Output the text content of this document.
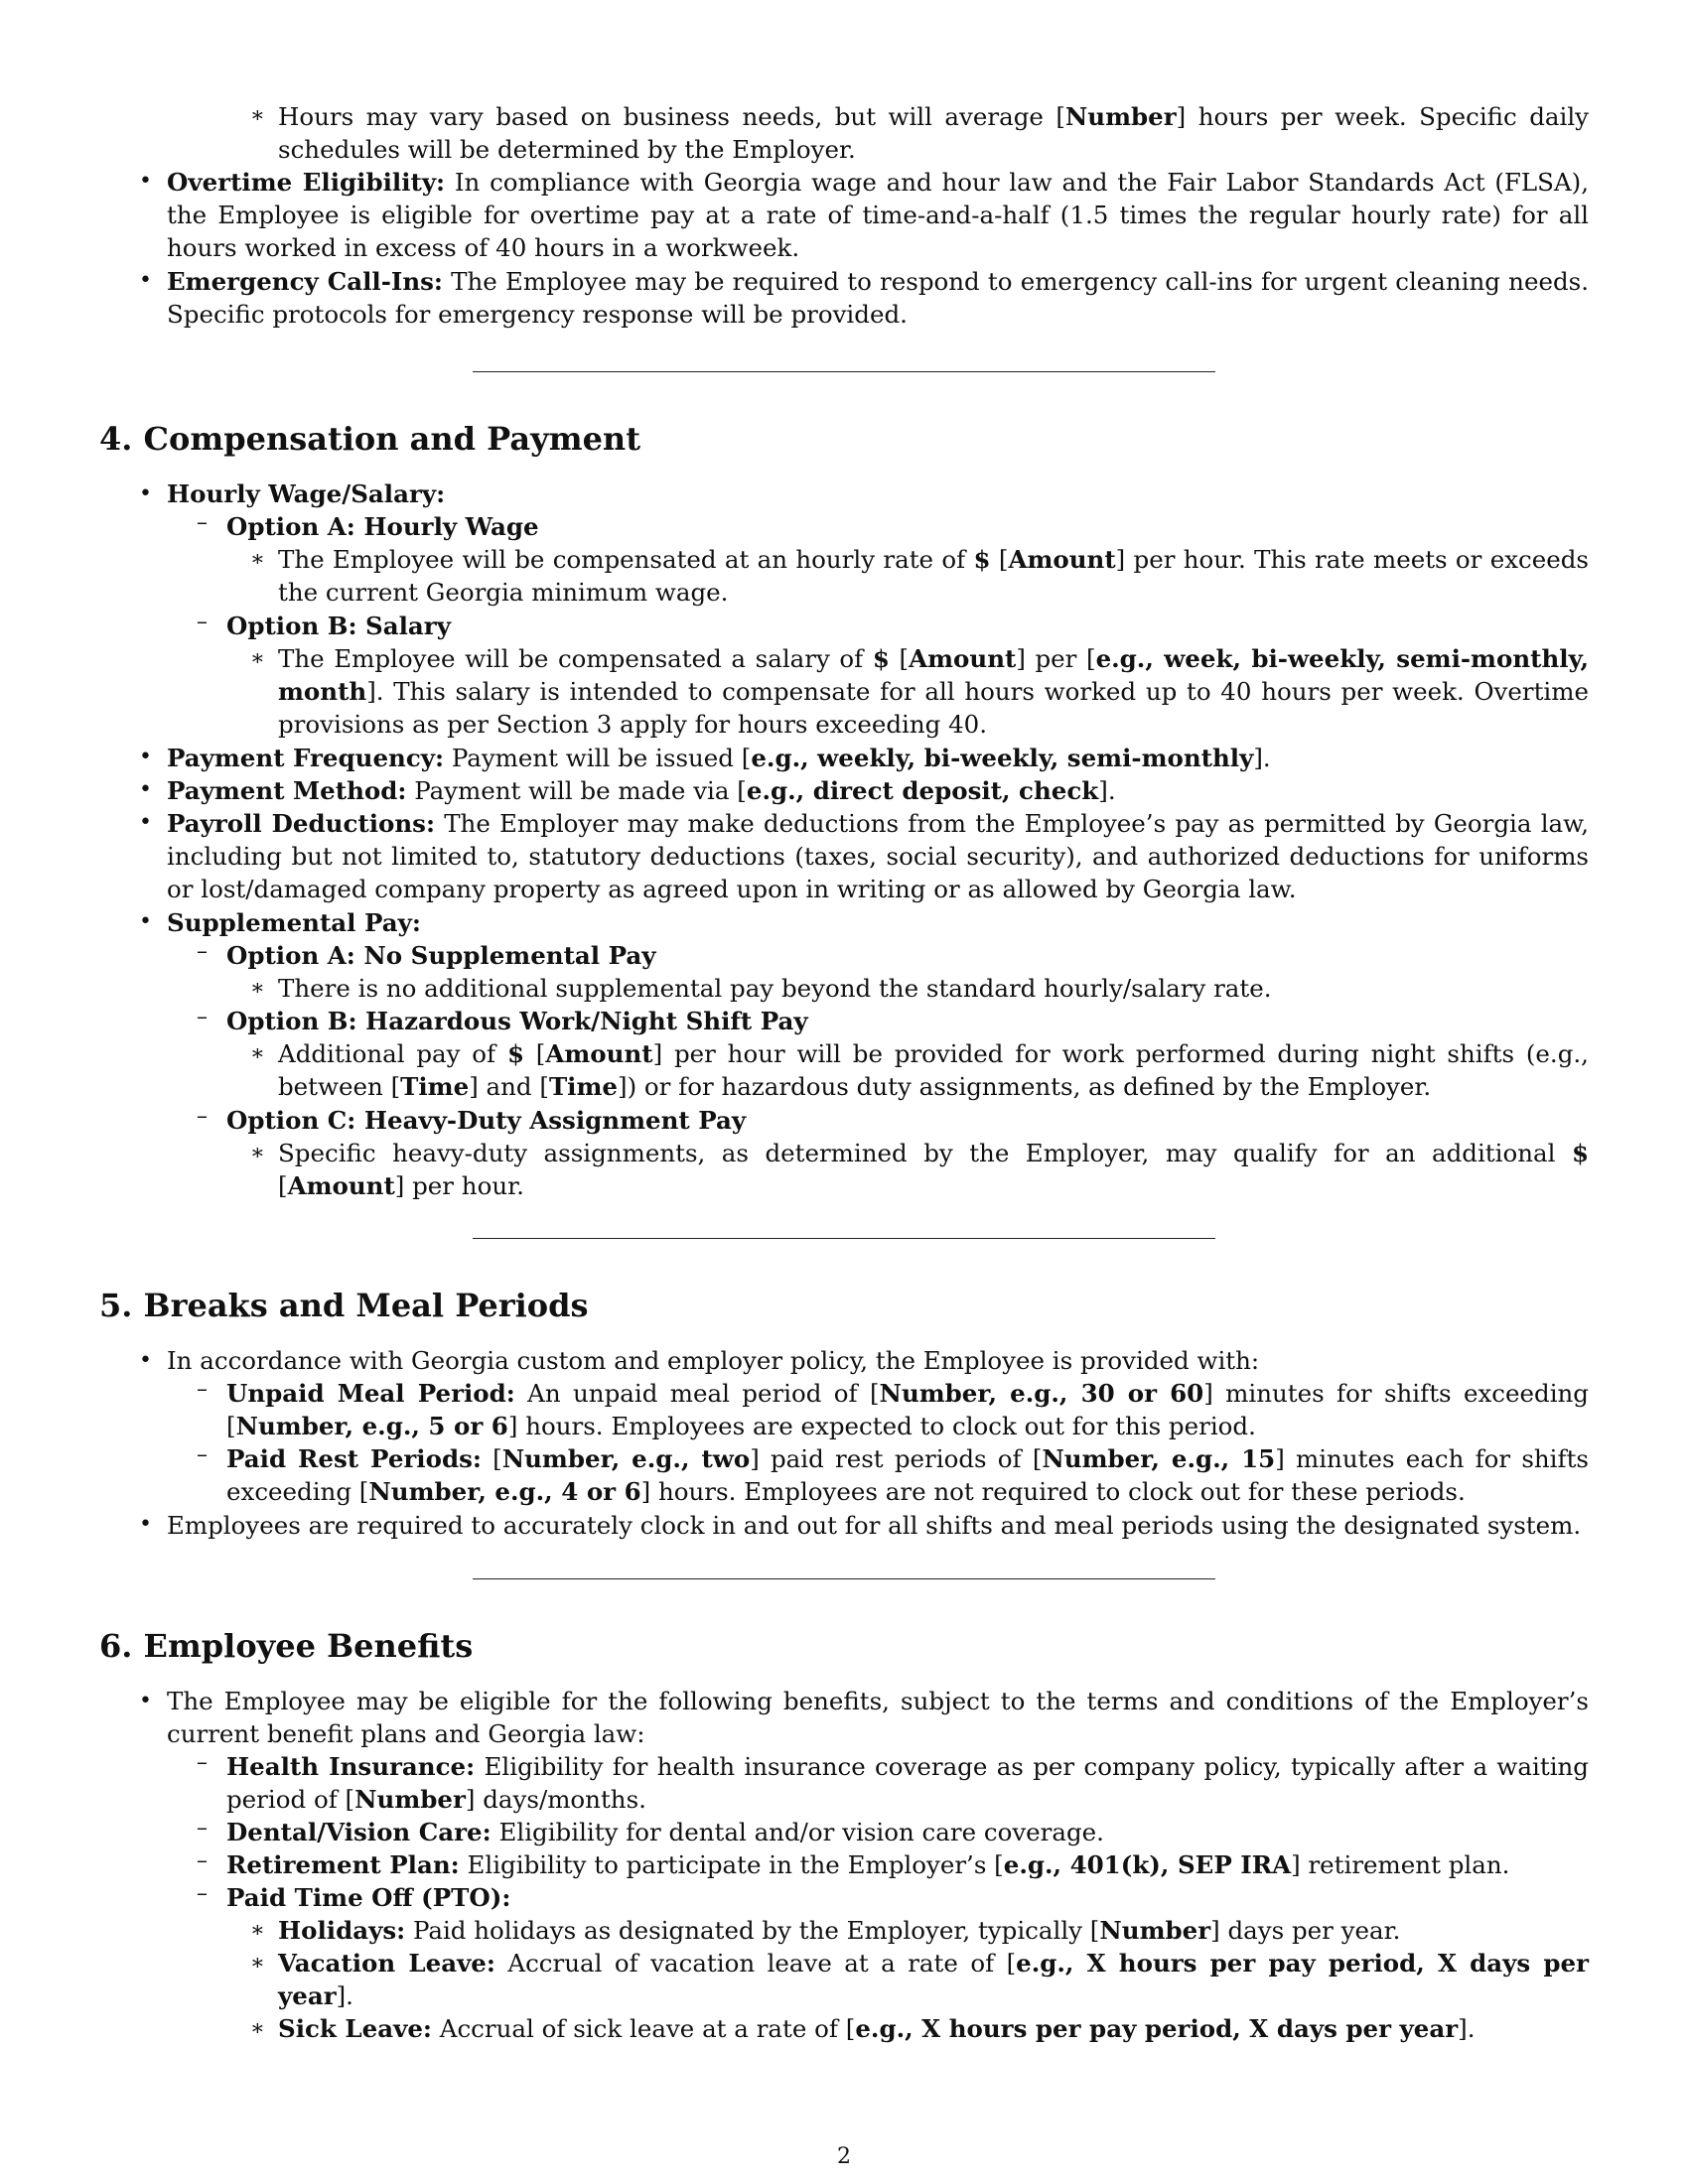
∗ Hours may vary based on business needs, but will average [Number] hours per week. Specific daily schedules will be determined by the Employer.
• Overtime Eligibility: In compliance with Georgia wage and hour law and the Fair Labor Standards Act (FLSA), the Employee is eligible for overtime pay at a rate of time-and-a-half (1.5 times the regular hourly rate) for all hours worked in excess of 40 hours in a workweek.
• Emergency Call-Ins: The Employee may be required to respond to emergency call-ins for urgent cleaning needs. Specific protocols for emergency response will be provided.
4. Compensation and Payment
• Hourly Wage/Salary:
– Option A: Hourly Wage
∗ The Employee will be compensated at an hourly rate of $ [Amount] per hour. This rate meets or exceeds the current Georgia minimum wage.
– Option B: Salary
∗ The Employee will be compensated a salary of $ [Amount] per [e.g., week, bi-weekly, semi-monthly, month]. This salary is intended to compensate for all hours worked up to 40 hours per week. Overtime provisions as per Section 3 apply for hours exceeding 40.
• Payment Frequency: Payment will be issued [e.g., weekly, bi-weekly, semi-monthly].
• Payment Method: Payment will be made via [e.g., direct deposit, check].
• Payroll Deductions: The Employer may make deductions from the Employee’s pay as permitted by Georgia law, including but not limited to, statutory deductions (taxes, social security), and authorized deductions for uniforms or lost/damaged company property as agreed upon in writing or as allowed by Georgia law.
• Supplemental Pay:
– Option A: No Supplemental Pay
∗ There is no additional supplemental pay beyond the standard hourly/salary rate.
– Option B: Hazardous Work/Night Shift Pay
∗ Additional pay of $ [Amount] per hour will be provided for work performed during night shifts (e.g., between [Time] and [Time]) or for hazardous duty assignments, as defined by the Employer.
– Option C: Heavy-Duty Assignment Pay
∗ Specific heavy-duty assignments, as determined by the Employer, may qualify for an additional $ [Amount] per hour.
5. Breaks and Meal Periods
• In accordance with Georgia custom and employer policy, the Employee is provided with:
– Unpaid Meal Period: An unpaid meal period of [Number, e.g., 30 or 60] minutes for shifts exceeding [Number, e.g., 5 or 6] hours. Employees are expected to clock out for this period.
– Paid Rest Periods: [Number, e.g., two] paid rest periods of [Number, e.g., 15] minutes each for shifts exceeding [Number, e.g., 4 or 6] hours. Employees are not required to clock out for these periods.
• Employees are required to accurately clock in and out for all shifts and meal periods using the designated system.
6. Employee Benefits
• The Employee may be eligible for the following benefits, subject to the terms and conditions of the Employer’s current benefit plans and Georgia law:
– Health Insurance: Eligibility for health insurance coverage as per company policy, typically after a waiting period of [Number] days/months.
– Dental/Vision Care: Eligibility for dental and/or vision care coverage.
– Retirement Plan: Eligibility to participate in the Employer’s [e.g., 401(k), SEP IRA] retirement plan.
– Paid Time Off (PTO):
∗ Holidays: Paid holidays as designated by the Employer, typically [Number] days per year.
∗ Vacation Leave: Accrual of vacation leave at a rate of [e.g., X hours per pay period, X days per year].
∗ Sick Leave: Accrual of sick leave at a rate of [e.g., X hours per pay period, X days per year].
2
